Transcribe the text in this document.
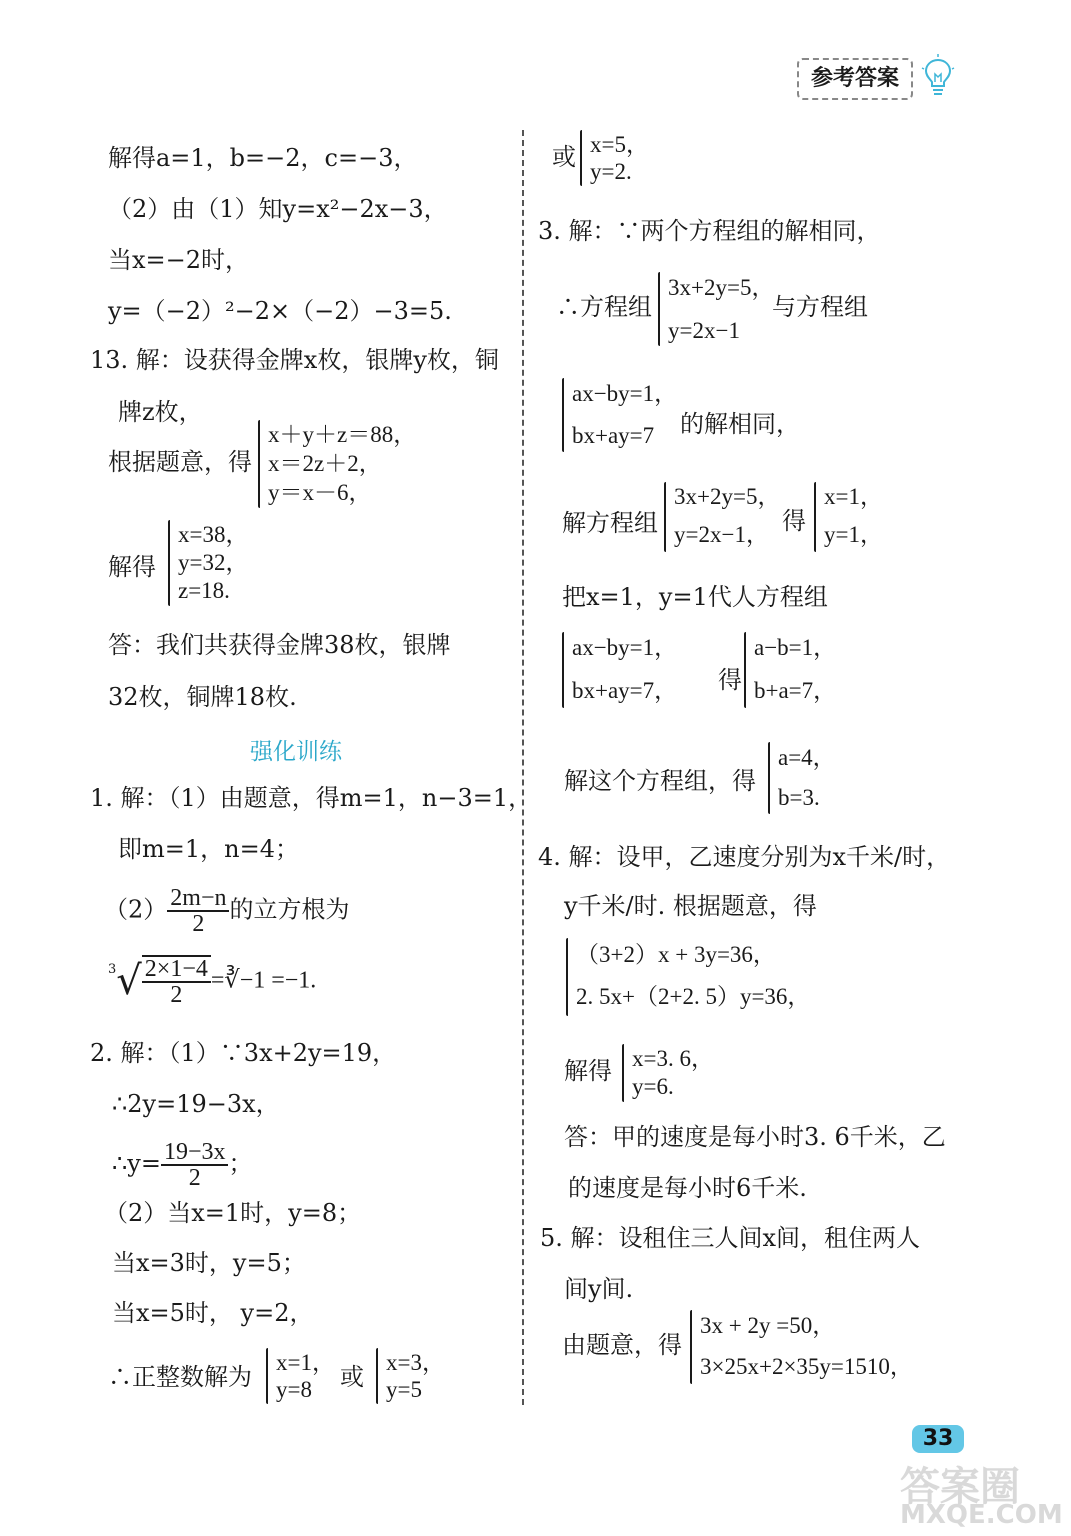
参考答案
解得a=1，b=−2，c=−3，
（2）由（1）知y=x²−2x−3，
当x=−2时，
y=（−2）²−2×（−2）−3=5.
13. 解：设获得金牌x枚，银牌y枚，铜
牌z枚，
根据题意，得
x＋y＋z＝88，
x＝2z＋2，
y＝x－6，
解得
x=38，
y=32，
z=18.
答：我们共获得金牌38枚，银牌
32枚，铜牌18枚.
强化训练
1. 解：（1）由题意，得m=1，n−3=1，
即m=1，n=4；
$(2) \frac{2m-n}{2}$ 的立方根为
$^3√ \frac{2\times 1-4}{2}$ =∛−1 =−1.
2. 解：（1）∵3x+2y=19，
∴2y=19−3x，
∴y= $\frac{19-3x}{2}$ ；
（2）当x=1时，y=8；
当x=3时，y=5；
当x=5时， y=2，
∴正整数解为
x=1，
y=8 或
x=3，
y=5
或 x=5，
y=2.
3. 解：∵两个方程组的解相同，
∴方程组
3x+2y=5，
y=2x−1
与方程组
ax−by=1，
bx+ay=7 的解相同，
解方程组
3x+2y=5，
y=2x−1， 得
x=1，
y=1，
把x=1，y=1代人方程组
ax−by=1，
bx+ay=7， 得
a−b=1，
b+a=7，
解这个方程组，得
a=4，
b=3.
4. 解：设甲，乙速度分别为x千米/时，
y千米/时. 根据题意，得
（3+2）x + 3y=36，
2. 5x+（2+2. 5）y=36，
解得 x=3. 6，
y=6.
答：甲的速度是每小时3. 6千米，乙
的速度是每小时6千米.
5. 解：设租住三人间x间，租住两人
间y间.
由题意，得
3x + 2y =50，
3×25x+2×35y=1510，
33
答案圈
MXQE.COM
